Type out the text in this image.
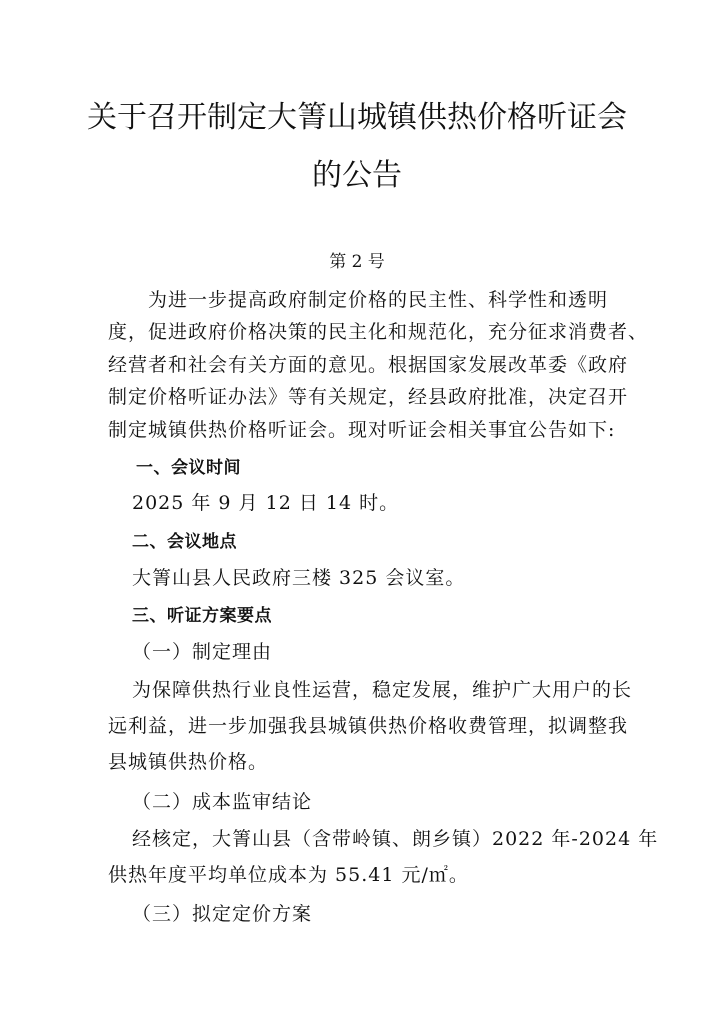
关于召开制定大箐山城镇供热价格听证会
的公告
第 2 号
为进一步提高政府制定价格的民主性、科学性和透明
度，促进政府价格决策的民主化和规范化，充分征求消费者、
经营者和社会有关方面的意见。根据国家发展改革委《政府
制定价格听证办法》等有关规定，经县政府批准，决定召开
制定城镇供热价格听证会。现对听证会相关事宜公告如下:
一、会议时间
2025 年 9 月 12 日 14 时。
二、会议地点
大箐山县人民政府三楼 325 会议室。
三、听证方案要点
（一）制定理由
为保障供热行业良性运营，稳定发展，维护广大用户的长
远利益，进一步加强我县城镇供热价格收费管理，拟调整我
县城镇供热价格。
（二）成本监审结论
经核定，大箐山县（含带岭镇、朗乡镇）2022 年-2024 年
供热年度平均单位成本为 55.41 元/㎡。
（三）拟定定价方案
